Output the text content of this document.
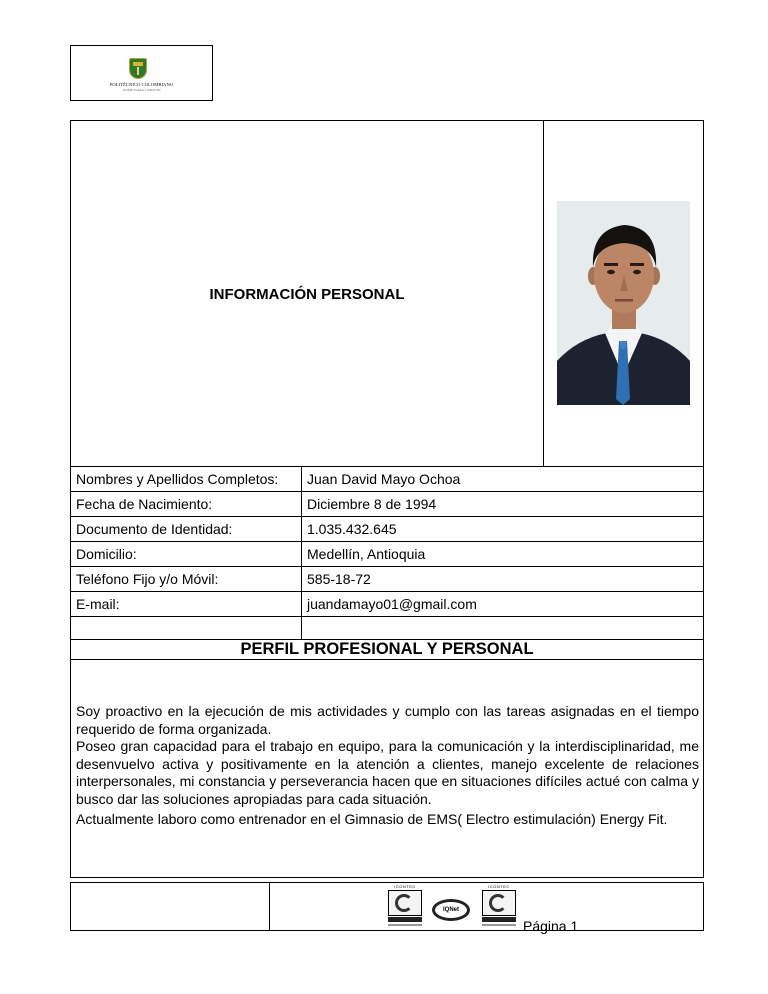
POLITÉCNICO COLOMBIANO
JAIME ISAZA CADAVID
INFORMACIÓN PERSONAL
Nombres y Apellidos Completos: Juan David Mayo Ochoa
Fecha de Nacimiento:	Diciembre 8 de 1994
Documento de Identidad:	1.035.432.645
Domicilio:	Medellín, Antioquia
Teléfono Fijo y/o Móvil:	585-18-72
E-mail:	juandamayo01@gmail.com
PERFIL PROFESIONAL Y PERSONAL

Soy proactivo en la ejecución de mis actividades y cumplo con las tareas asignadas en el tiempo requerido de forma organizada.

Poseo gran capacidad para el trabajo en equipo, para la comunicación y la interdisciplinaridad, me desenvuelvo activa y positivamente en la atención a clientes, manejo excelente de relaciones interpersonales, mi constancia y perseverancia hacen que en situaciones difíciles actué con calma y busco dar las soluciones apropiadas para cada situación.

Actualmente laboro como entrenador en el Gimnasio de EMS( Electro estimulación) Energy Fit.

ICONTEC
IQNet
ICONTEC
Página 1
